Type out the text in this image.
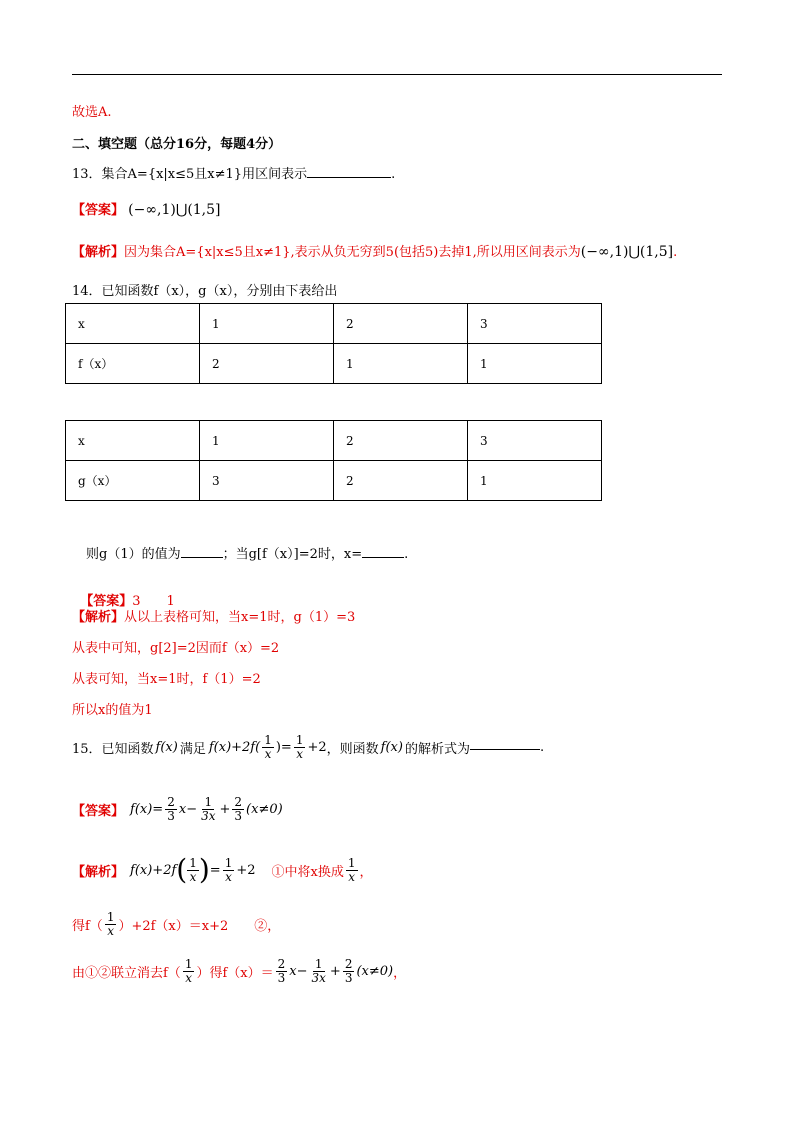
故选A.
二、填空题（总分16分，每题4分）
13．集合A={x|x≤5且x≠1}用区间表示	.
【答案】 (−∞,1)⋃(1,5]
【解析】因为集合A={x|x≤5且x≠1},表示从负无穷到5(包括5)去掉1,所以用区间表示为(−∞,1)⋃(1,5].
14．已知函数f（x），g（x），分别由下表给出
x	1	2	3
f（x）	2	1	1
x	1	2	3
g（x）	3	2	1
则g（1）的值为	；当g[f（x）]=2时，x=	.

【答案】3　　1

【解析】从以上表格可知，当x=1时，g（1）=3
从表中可知，g[2]=2因而f（x）=2
从表可知，当x=1时，f（1）=2
所以x的值为1
15．已知函数 f(x) 满足 $f(x)+2f( \frac{1}{x}$ )= $\frac{1}{x} +2$ ，则函数 f(x) 的解析式为	.
【答案】 $f(x)= \frac{2}{3}$ $x - \frac{1}{3x} + \frac{2}{3} (x\ne 0)$
【解析】 f(x)+2f ( $\frac{1}{x}$ ) = $\frac{1}{x} +2$ ①中将x换成 $\frac{1}{x}$ ，
得$f( \frac{1}{x} )+2f(x)=x+2$　　②，
由①②联立消去$f( \frac{1}{x}$ ）得$f(x)= \frac{2}{3}$ $x - \frac{1}{3x} + \frac{2}{3} (x\ne 0)$ ，
